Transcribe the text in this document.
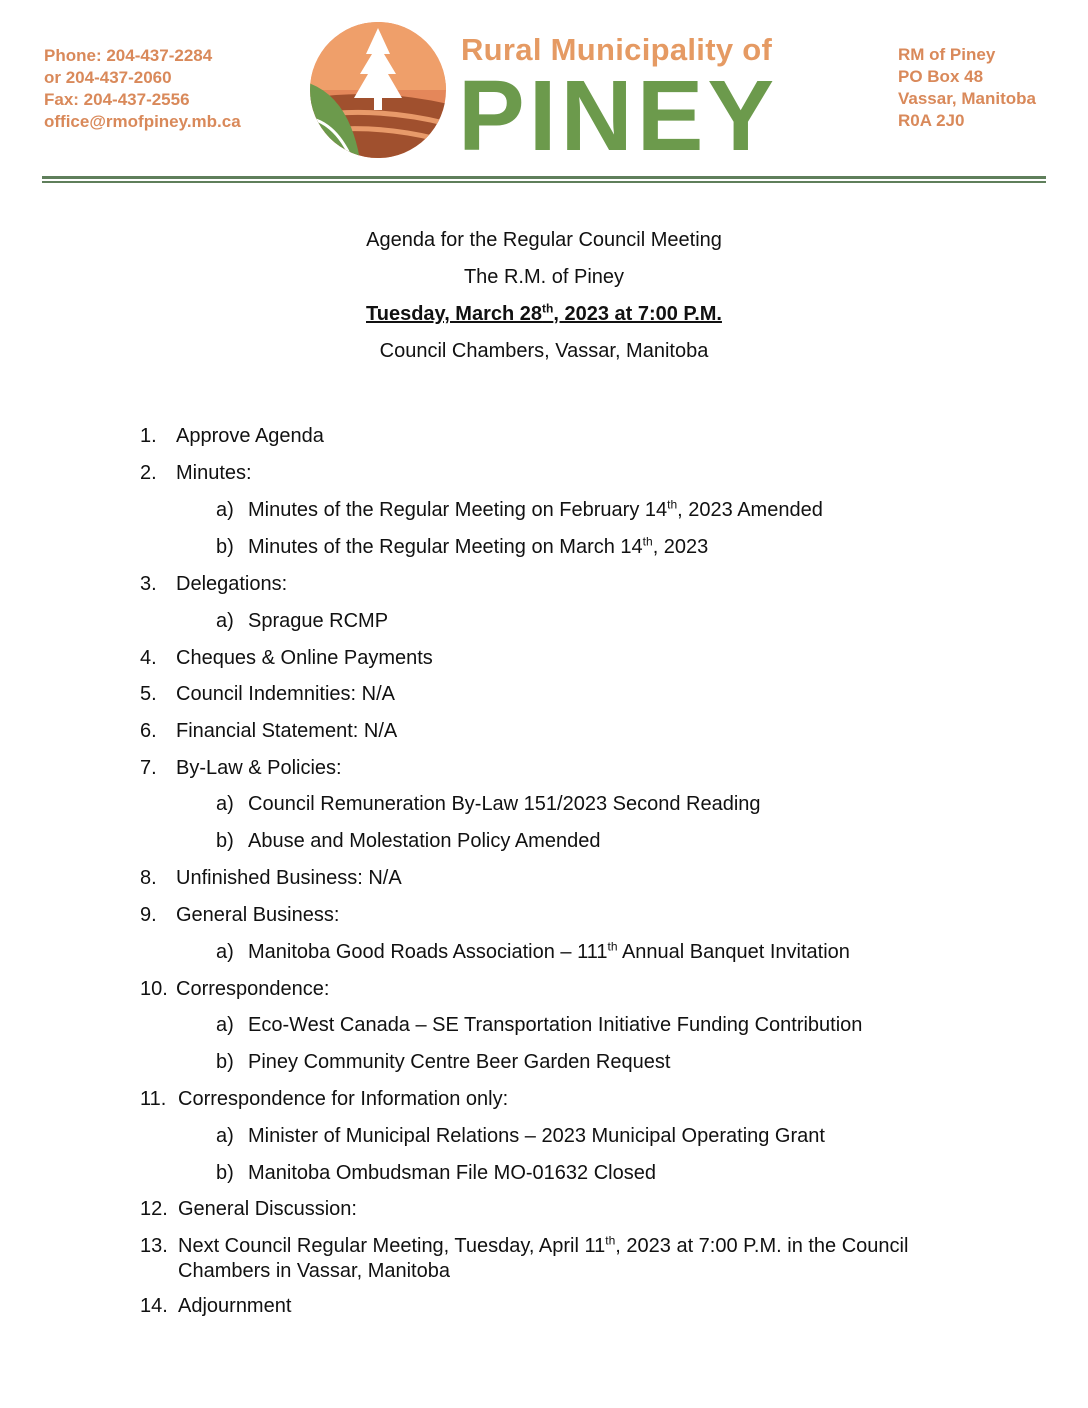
Phone: 204-437-2284
or 204-437-2060
Fax: 204-437-2556
office@rmofpiney.mb.ca
Rural Municipality of
PINEY
RM of Piney
PO Box 48
Vassar, Manitoba
R0A 2J0
Agenda for the Regular Council Meeting
The R.M. of Piney
Tuesday, March 28th, 2023 at 7:00 P.M.
Council Chambers, Vassar, Manitoba
1. Approve Agenda
2. Minutes:
a) Minutes of the Regular Meeting on February 14th, 2023 Amended
b) Minutes of the Regular Meeting on March 14th, 2023
3. Delegations:
a) Sprague RCMP
4. Cheques & Online Payments
5. Council Indemnities: N/A
6. Financial Statement: N/A
7. By-Law & Policies:
a) Council Remuneration By-Law 151/2023 Second Reading
b) Abuse and Molestation Policy Amended
8. Unfinished Business: N/A
9. General Business:
a) Manitoba Good Roads Association – 111th Annual Banquet Invitation
10. Correspondence:
a) Eco-West Canada – SE Transportation Initiative Funding Contribution
b) Piney Community Centre Beer Garden Request
11. Correspondence for Information only:
a) Minister of Municipal Relations – 2023 Municipal Operating Grant
b) Manitoba Ombudsman File MO-01632 Closed
12. General Discussion:
13. Next Council Regular Meeting, Tuesday, April 11th, 2023 at 7:00 P.M. in the Council
Chambers in Vassar, Manitoba
14. Adjournment
